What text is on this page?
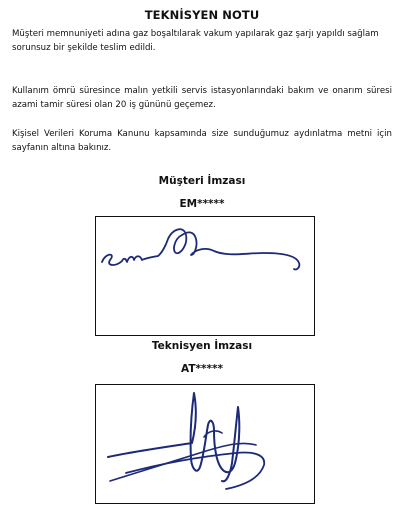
TEKNİSYEN NOTU

Müşteri memnuniyeti adına gaz boşaltılarak vakum yapılarak gaz şarjı yapıldı sağlam sorunsuz bir şekilde teslim edildi.

Kullanım ömrü süresince malın yetkili servis istasyonlarındaki bakım ve onarım süresi azami tamir süresi olan 20 iş gününü geçemez.

Kişisel Verileri Koruma Kanunu kapsamında size sunduğumuz aydınlatma metni için sayfanın altına bakınız.

Müşteri İmzası
EM*****
Teknisyen İmzası
AT*****
